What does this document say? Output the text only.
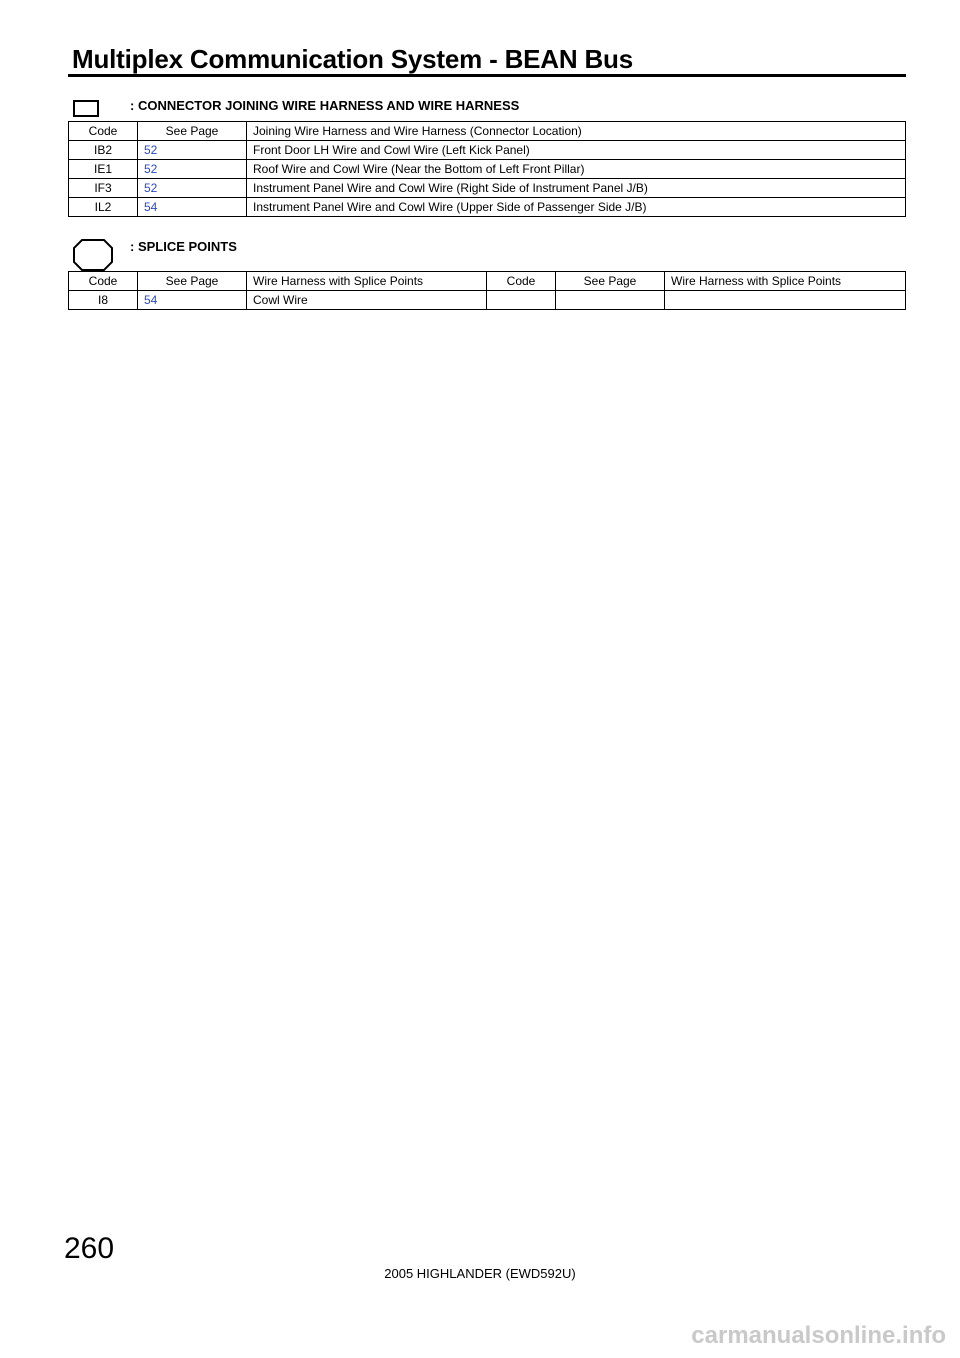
Multiplex Communication System - BEAN Bus
: CONNECTOR JOINING WIRE HARNESS AND WIRE HARNESS
Code	See Page	Joining Wire Harness and Wire Harness (Connector Location)
IB2	52	Front Door LH Wire and Cowl Wire (Left Kick Panel)
IE1	52	Roof Wire and Cowl Wire (Near the Bottom of Left Front Pillar)
IF3	52	Instrument Panel Wire and Cowl Wire (Right Side of Instrument Panel J/B)
IL2	54	Instrument Panel Wire and Cowl Wire (Upper Side of Passenger Side J/B)
: SPLICE POINTS
Code	See Page	Wire Harness with Splice Points	Code	See Page	Wire Harness with Splice Points
I8	54	Cowl Wire			
260
2005 HIGHLANDER (EWD592U)
carmanualsonline.info
